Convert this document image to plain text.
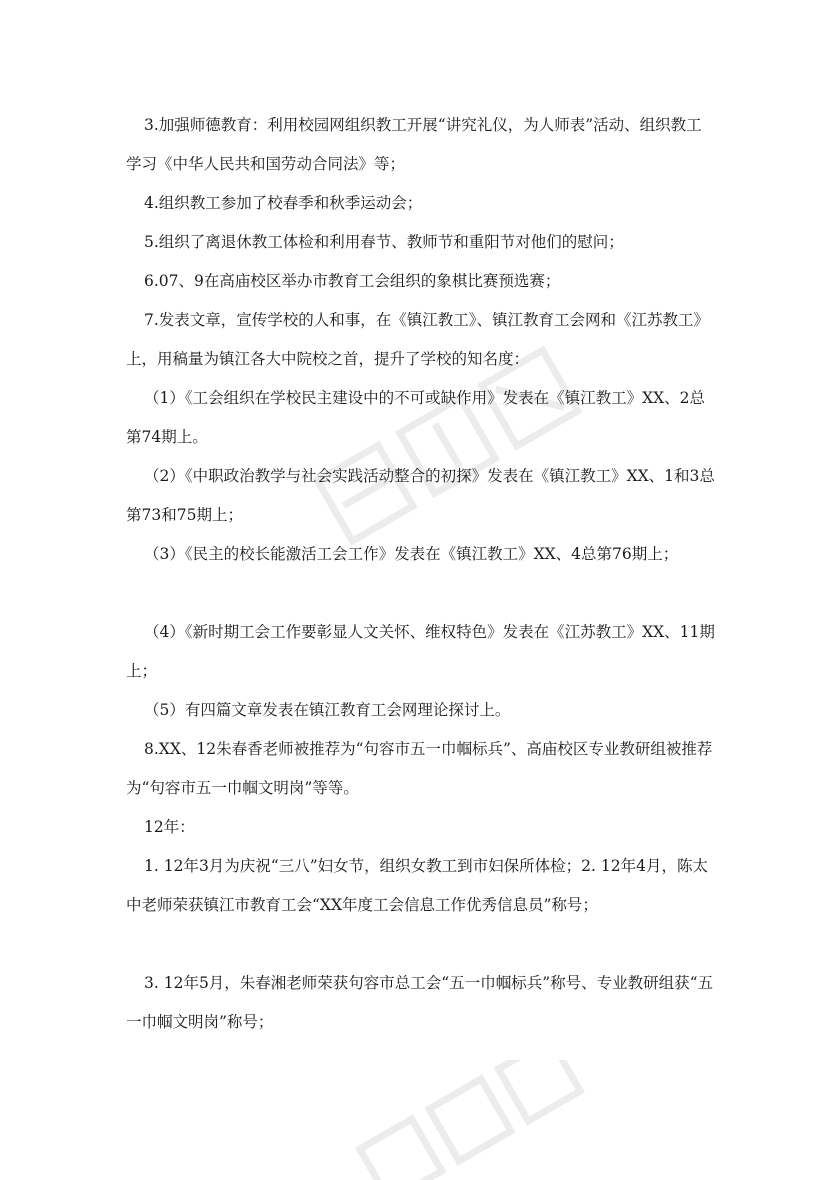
3.加强师德教育：利用校园网组织教工开展“讲究礼仪，为人师表”活动、组织教工学习《中华人民共和国劳动合同法》等；

4.组织教工参加了校春季和秋季运动会；

5.组织了离退休教工体检和利用春节、教师节和重阳节对他们的慰问；

6.07、9在高庙校区举办市教育工会组织的象棋比赛预选赛；

7.发表文章，宣传学校的人和事，在《镇江教工》、镇江教育工会网和《江苏教工》上，用稿量为镇江各大中院校之首，提升了学校的知名度：

（1）《工会组织在学校民主建设中的不可或缺作用》发表在《镇江教工》XX、2总第74期上。

（2）《中职政治教学与社会实践活动整合的初探》发表在《镇江教工》XX、1和3总第73和75期上；

（3）《民主的校长能激活工会工作》发表在《镇江教工》XX、4总第76期上；

（4）《新时期工会工作要彰显人文关怀、维权特色》发表在《江苏教工》XX、11期上；

（5）有四篇文章发表在镇江教育工会网理论探讨上。

8.XX、12朱春香老师被推荐为“句容市五一巾帼标兵”、高庙校区专业教研组被推荐为“句容市五一巾帼文明岗”等等。

12年：

1. 12年3月为庆祝“三八”妇女节，组织女教工到市妇保所体检；2. 12年4月，陈太中老师荣获镇江市教育工会“XX年度工会信息工作优秀信息员”称号；

3. 12年5月，朱春湘老师荣获句容市总工会“五一巾帼标兵”称号、专业教研组获“五一巾帼文明岗”称号；
